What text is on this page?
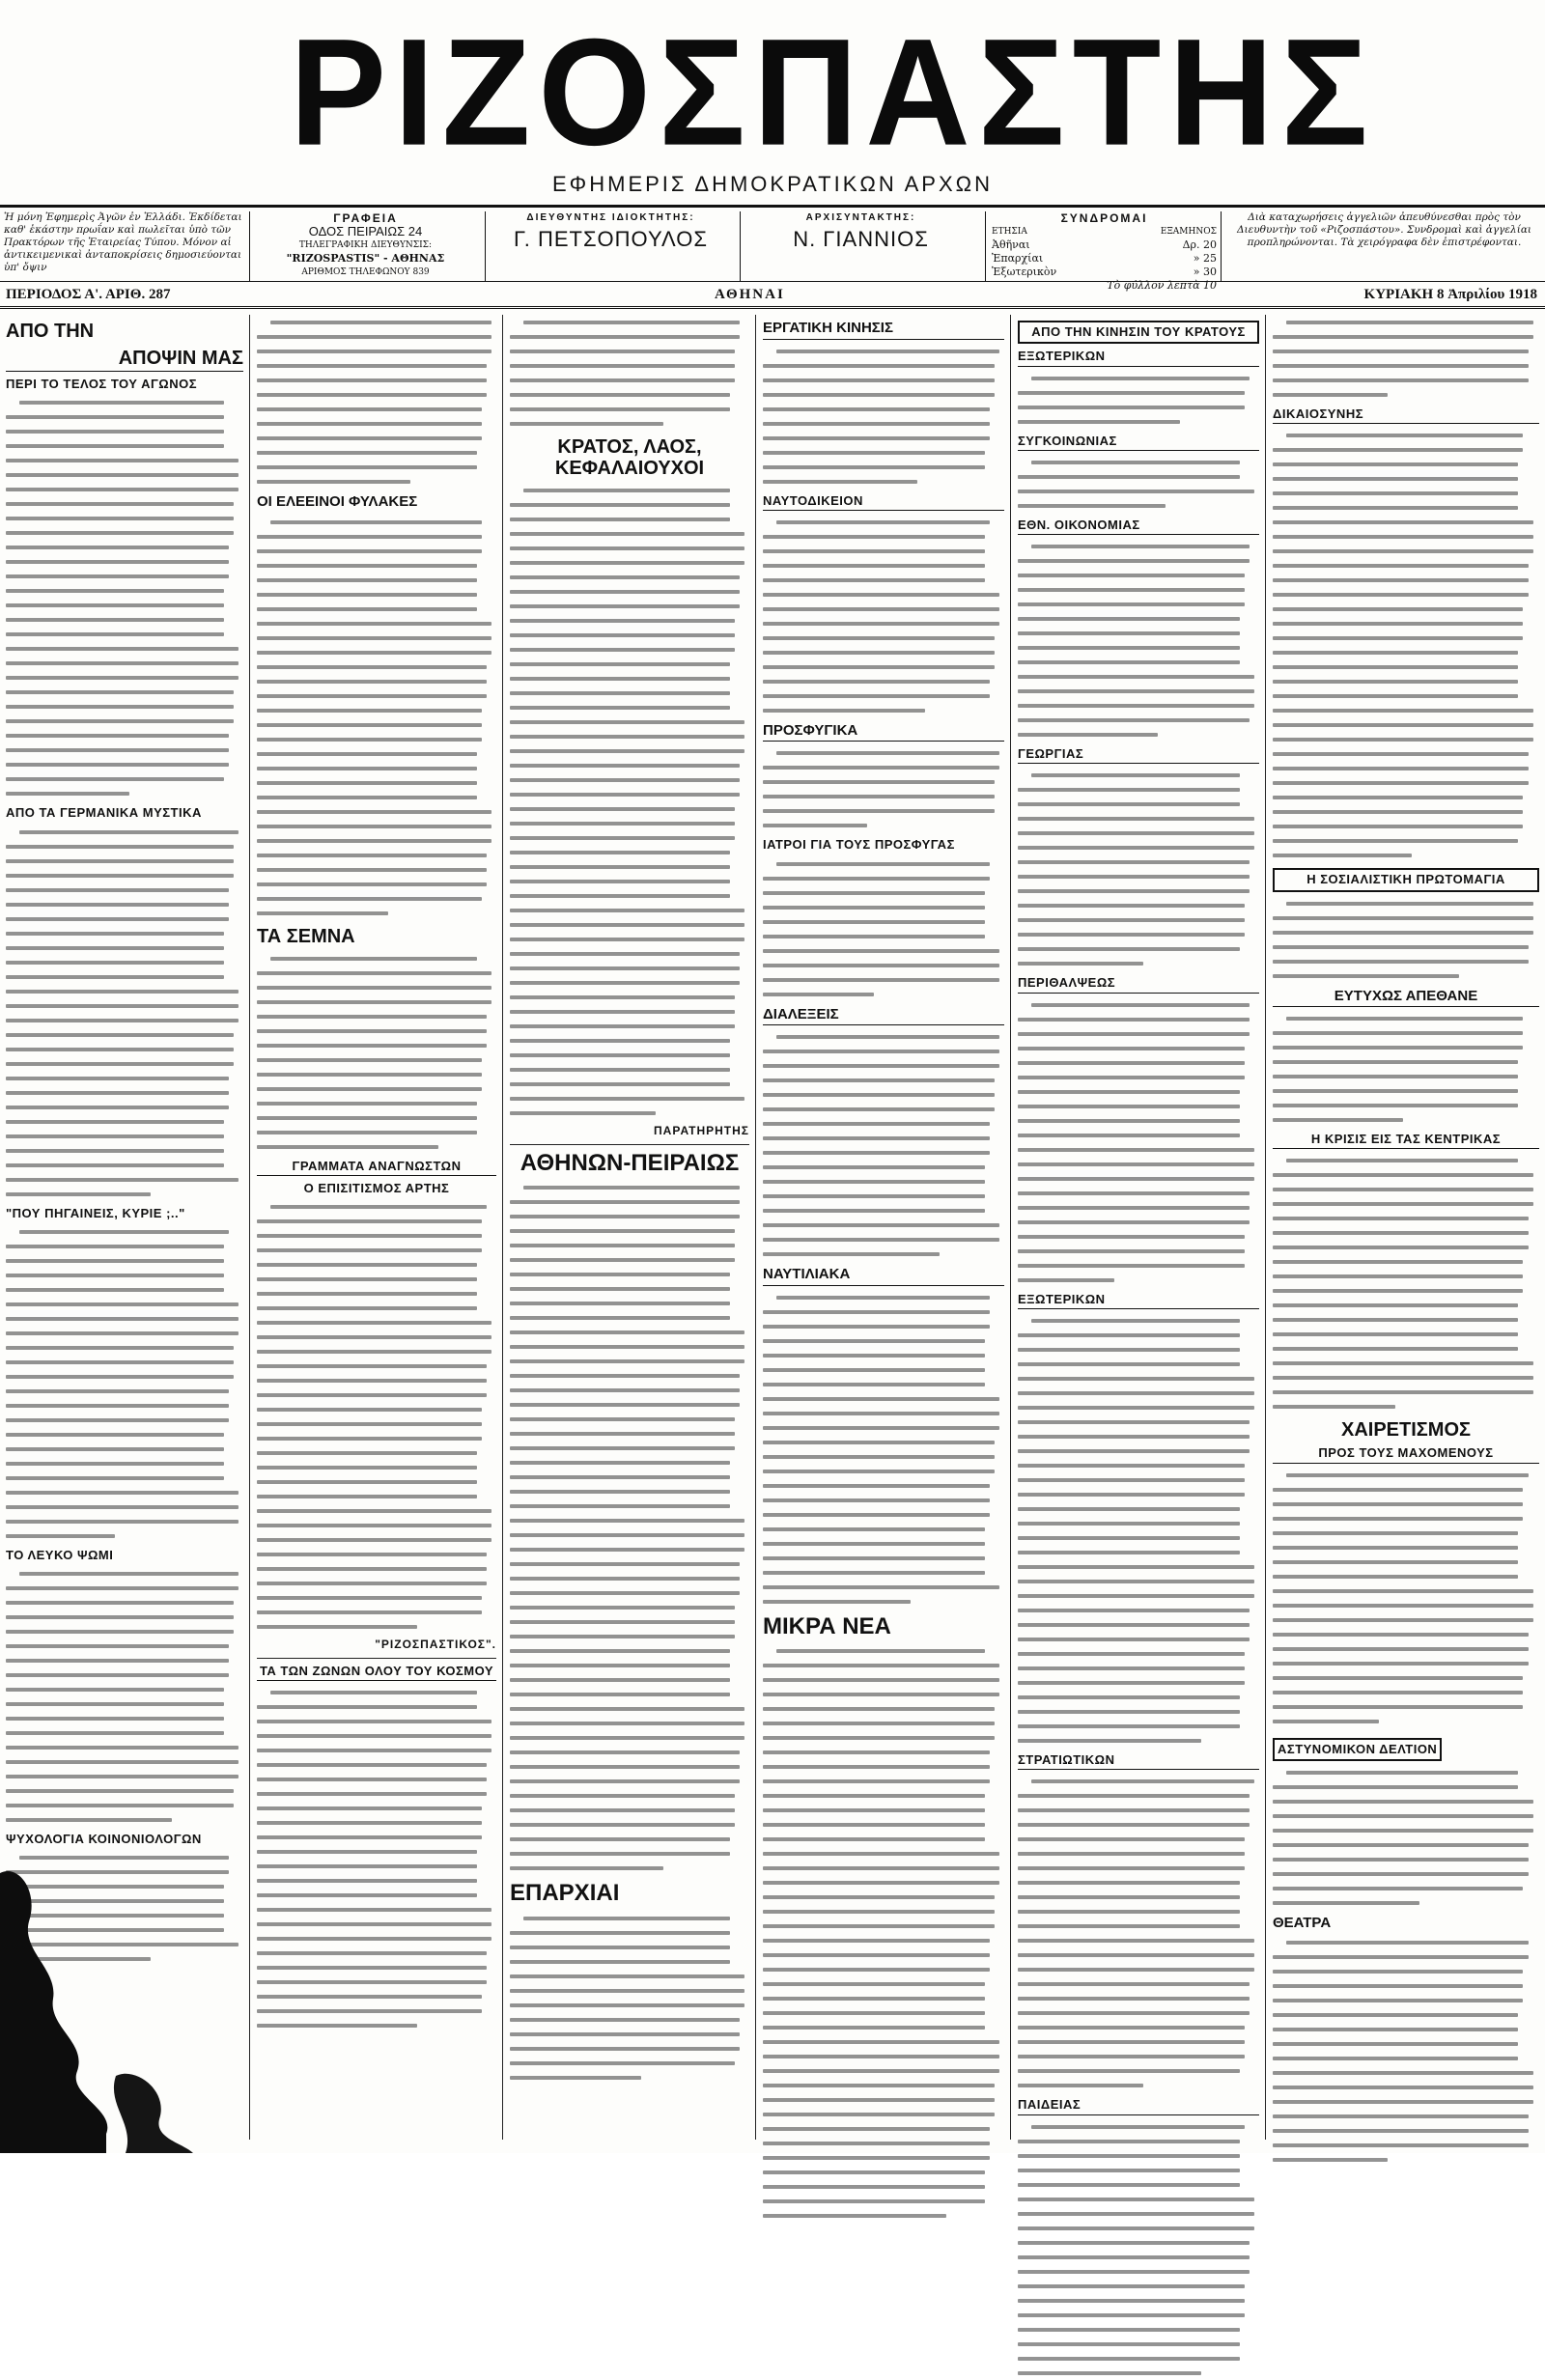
ΡΙΖΟΣΠΑΣΤΗΣ
ΕΦΗΜΕΡΙΣ ΔΗΜΟΚΡΑΤΙΚΩΝ ΑΡΧΩΝ
Ἡ μόνη Ἐφημερὶς Ἀγῶν ἐν Ἑλλάδι. Ἐκδίδεται καθ' ἑκάστην πρωΐαν καὶ πωλεῖται ὑπὸ τῶν Πρακτόρων τῆς Ἑταιρείας Τύπου. Μόνον αἱ ἀντικειμενικαὶ ἀνταποκρίσεις δημοσιεύονται ὑπ' ὄψιν
ΓΡΑΦΕΙΑ
ΟΔΟΣ ΠΕΙΡΑΙΩΣ 24
ΤΗΛΕΓΡΑΦΙΚΗ ΔΙΕΥΘΥΝΣΙΣ:
"RIZOSPASTIS" - ΑΘΗΝΑΣ
ΑΡΙΘΜΟΣ ΤΗΛΕΦΩΝΟΥ 839
ΔΙΕΥΘΥΝΤΗΣ ΙΔΙΟΚΤΗΤΗΣ:
Γ. ΠΕΤΣΟΠΟΥΛΟΣ
ΑΡΧΙΣΥΝΤΑΚΤΗΣ:
Ν. ΓΙΑΝΝΙΟΣ
ΣΥΝΔΡΟΜΑΙ
ΕΤΗΣΙΑ	ΕΞΑΜΗΝΟΣ
Ἀθῆναι	Δρ. 20
Ἐπαρχίαι	» 25
Ἐξωτερικὸν	» 30
Τὸ φύλλον λεπτὰ 10
Διὰ καταχωρήσεις ἀγγελιῶν ἀπευθύνεσθαι πρὸς τὸν Διευθυντὴν τοῦ «Ριζοσπάστου». Συνδρομαὶ καὶ ἀγγελίαι προπληρώνονται. Τὰ χειρόγραφα δὲν ἐπιστρέφονται.
ΠΕΡΙΟΔΟΣ Α'. ΑΡΙΘ. 287	ΑΘΗΝΑΙ	ΚΥΡΙΑΚΗ 8 Ἀπριλίου 1918
ΑΠΟ ΤΗΝ
ΑΠΟΨΙΝ ΜΑΣ
ΠΕΡΙ ΤΟ ΤΕΛΟΣ ΤΟΥ ΑΓΩΝΟΣ
ΑΠΟ ΤΑ ΓΕΡΜΑΝΙΚΑ ΜΥΣΤΙΚΑ
"ΠΟΥ ΠΗΓΑΙΝΕΙΣ, ΚΥΡΙΕ ;.."
ΤΟ ΛΕΥΚΟ ΨΩΜΙ
ΨΥΧΟΛΟΓΙΑ ΚΟΙΝΟΝΙΟΛΟΓΩΝ
ΟΙ ΕΛΕΕΙΝΟΙ ΦΥΛΑΚΕΣ
ΤΑ ΣΕΜΝΑ
ΓΡΑΜΜΑΤΑ ΑΝΑΓΝΩΣΤΩΝ
Ο ΕΠΙΣΙΤΙΣΜΟΣ ΑΡΤΗΣ
"ΡΙΖΟΣΠΑΣΤΙΚΟΣ".
ΤΑ ΤΩΝ ΖΩΝΩΝ ΟΛΟΥ ΤΟΥ ΚΟΣΜΟΥ
ΚΡΑΤΟΣ, ΛΑΟΣ, ΚΕΦΑΛΑΙΟΥΧΟΙ
ΠΑΡΑΤΗΡΗΤΗΣ
ΑΘΗΝΩΝ-ΠΕΙΡΑΙΩΣ
ΕΠΑΡΧΙΑΙ
ΕΡΓΑΤΙΚΗ ΚΙΝΗΣΙΣ
ΝΑΥΤΟΔΙΚΕΙΟΝ
ΠΡΟΣΦΥΓΙΚΑ
ΙΑΤΡΟΙ ΓΙΑ ΤΟΥΣ ΠΡΟΣΦΥΓΑΣ
ΔΙΑΛΕΞΕΙΣ
ΝΑΥΤΙΛΙΑΚΑ
ΜΙΚΡΑ ΝΕΑ
ΑΠΟ ΤΗΝ ΚΙΝΗΣΙΝ ΤΟΥ ΚΡΑΤΟΥΣ
ΕΞΩΤΕΡΙΚΩΝ
ΣΥΓΚΟΙΝΩΝΙΑΣ
ΕΘΝ. ΟΙΚΟΝΟΜΙΑΣ
ΓΕΩΡΓΙΑΣ
ΠΕΡΙΘΑΛΨΕΩΣ
ΕΞΩΤΕΡΙΚΩΝ
ΣΤΡΑΤΙΩΤΙΚΩΝ
ΠΑΙΔΕΙΑΣ
ΔΙΚΑΙΟΣΥΝΗΣ
Η ΣΟΣΙΑΛΙΣΤΙΚΗ ΠΡΩΤΟΜΑΓΙΑ
ΕΥΤΥΧΩΣ ΑΠΕΘΑΝΕ
Η ΚΡΙΣΙΣ ΕΙΣ ΤΑΣ ΚΕΝΤΡΙΚΑΣ
ΧΑΙΡΕΤΙΣΜΟΣ
ΠΡΟΣ ΤΟΥΣ ΜΑΧΟΜΕΝΟΥΣ
ΑΣΤΥΝΟΜΙΚΟΝ ΔΕΛΤΙΟΝ
ΘΕΑΤΡΑ
